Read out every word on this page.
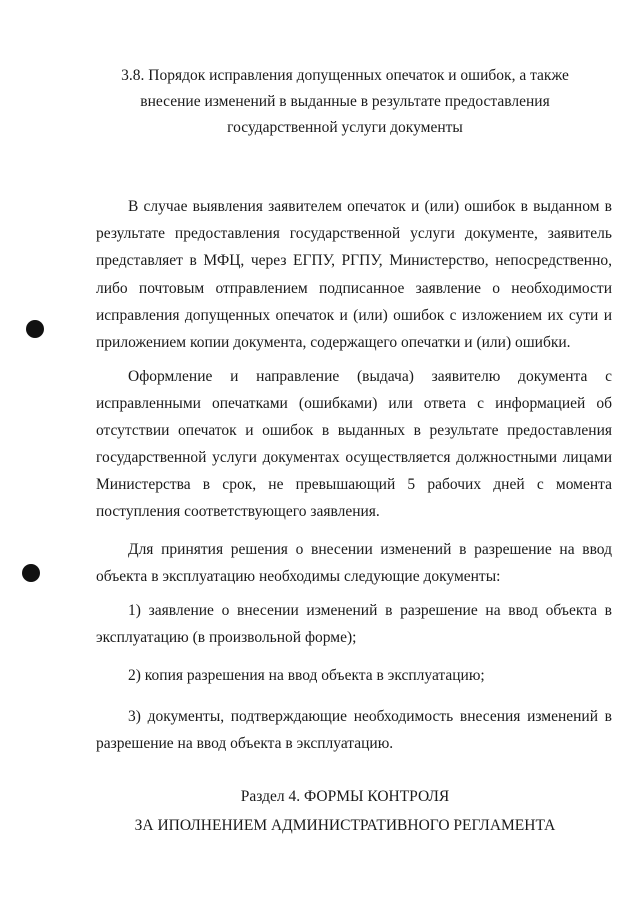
3.8. Порядок исправления допущенных опечаток и ошибок, а также
внесение изменений в выданные в результате предоставления
государственной услуги документы

В случае выявления заявителем опечаток и (или) ошибок в выданном в результате предоставления государственной услуги документе, заявитель представляет в МФЦ, через ЕГПУ, РГПУ, Министерство, непосредственно, либо почтовым отправлением подписанное заявление о необходимости исправления допущенных опечаток и (или) ошибок с изложением их сути и приложением копии документа, содержащего опечатки и (или) ошибки.

Оформление и направление (выдача) заявителю документа с исправленными опечатками (ошибками) или ответа с информацией об отсутствии опечаток и ошибок в выданных в результате предоставления государственной услуги документах осуществляется должностными лицами Министерства в срок, не превышающий 5 рабочих дней с момента поступления соответствующего заявления.

Для принятия решения о внесении изменений в разрешение на ввод объекта в эксплуатацию необходимы следующие документы:

1) заявление о внесении изменений в разрешение на ввод объекта в эксплуатацию (в произвольной форме);

2) копия разрешения на ввод объекта в эксплуатацию;

3) документы, подтверждающие необходимость внесения изменений в разрешение на ввод объекта в эксплуатацию.

Раздел 4. ФОРМЫ КОНТРОЛЯ
ЗА ИПОЛНЕНИЕМ АДМИНИСТРАТИВНОГО РЕГЛАМЕНТА
